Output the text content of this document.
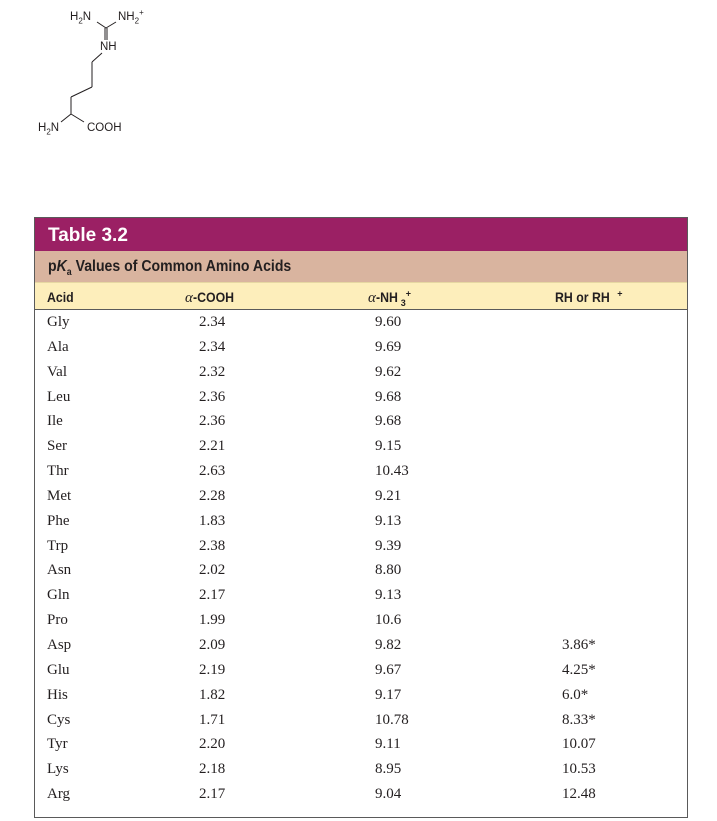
$H_2N$ $NH_2^+$
NH
$H_2N$ COOH
Table 3.2
$pK_a$ Values of Common Amino Acids
Acid	α-COOH	α-NH $_3$+	RH or RH +
Gly	2.34	9.60
Ala	2.34	9.69
Val	2.32	9.62
Leu	2.36	9.68
Ile	2.36	9.68
Ser	2.21	9.15
Thr	2.63	10.43
Met	2.28	9.21
Phe	1.83	9.13
Trp	2.38	9.39
Asn	2.02	8.80
Gln	2.17	9.13
Pro	1.99	10.6
Asp	2.09	9.82	3.86*
Glu	2.19	9.67	4.25*
His	1.82	9.17	6.0*
Cys	1.71	10.78	8.33*
Tyr	2.20	9.11	10.07
Lys	2.18	8.95	10.53
Arg	2.17	9.04	12.48
